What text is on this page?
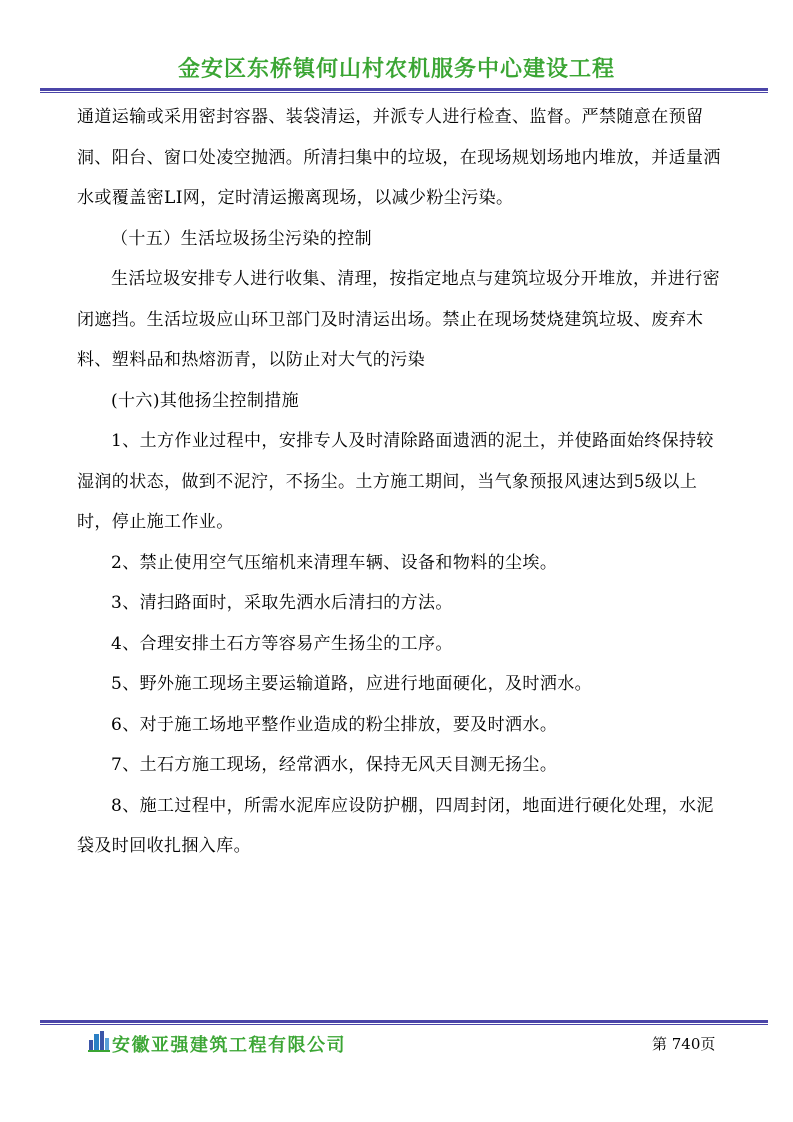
金安区东桥镇何山村农机服务中心建设工程

通道运输或采用密封容器、装袋清运，并派专人进行检查、监督。严禁随意在预留洞、阳台、窗口处凌空抛洒。所清扫集中的垃圾，在现场规划场地内堆放，并适量洒水或覆盖密LI网，定时清运搬离现场，以减少粉尘污染。

（十五）生活垃圾扬尘污染的控制

生活垃圾安排专人进行收集、清理，按指定地点与建筑垃圾分开堆放，并进行密闭遮挡。生活垃圾应山环卫部门及时清运出场。禁止在现场焚烧建筑垃圾、废弃木料、塑料品和热熔沥青，以防止对大气的污染

(十六)其他扬尘控制措施

1、土方作业过程中，安排专人及时清除路面遗洒的泥土，并使路面始终保持较湿润的状态，做到不泥泞，不扬尘。土方施工期间，当气象预报风速达到5级以上时，停止施工作业。

2、禁止使用空气压缩机来清理车辆、设备和物料的尘埃。

3、清扫路面时，采取先洒水后清扫的方法。

4、合理安排土石方等容易产生扬尘的工序。

5、野外施工现场主要运输道路，应进行地面硬化，及时洒水。

6、对于施工场地平整作业造成的粉尘排放，要及时洒水。

7、土石方施工现场，经常洒水，保持无风天目测无扬尘。

8、施工过程中，所需水泥库应设防护棚，四周封闭，地面进行硬化处理，水泥袋及时回收扎捆入库。

安徽亚强建筑工程有限公司	第 740页
